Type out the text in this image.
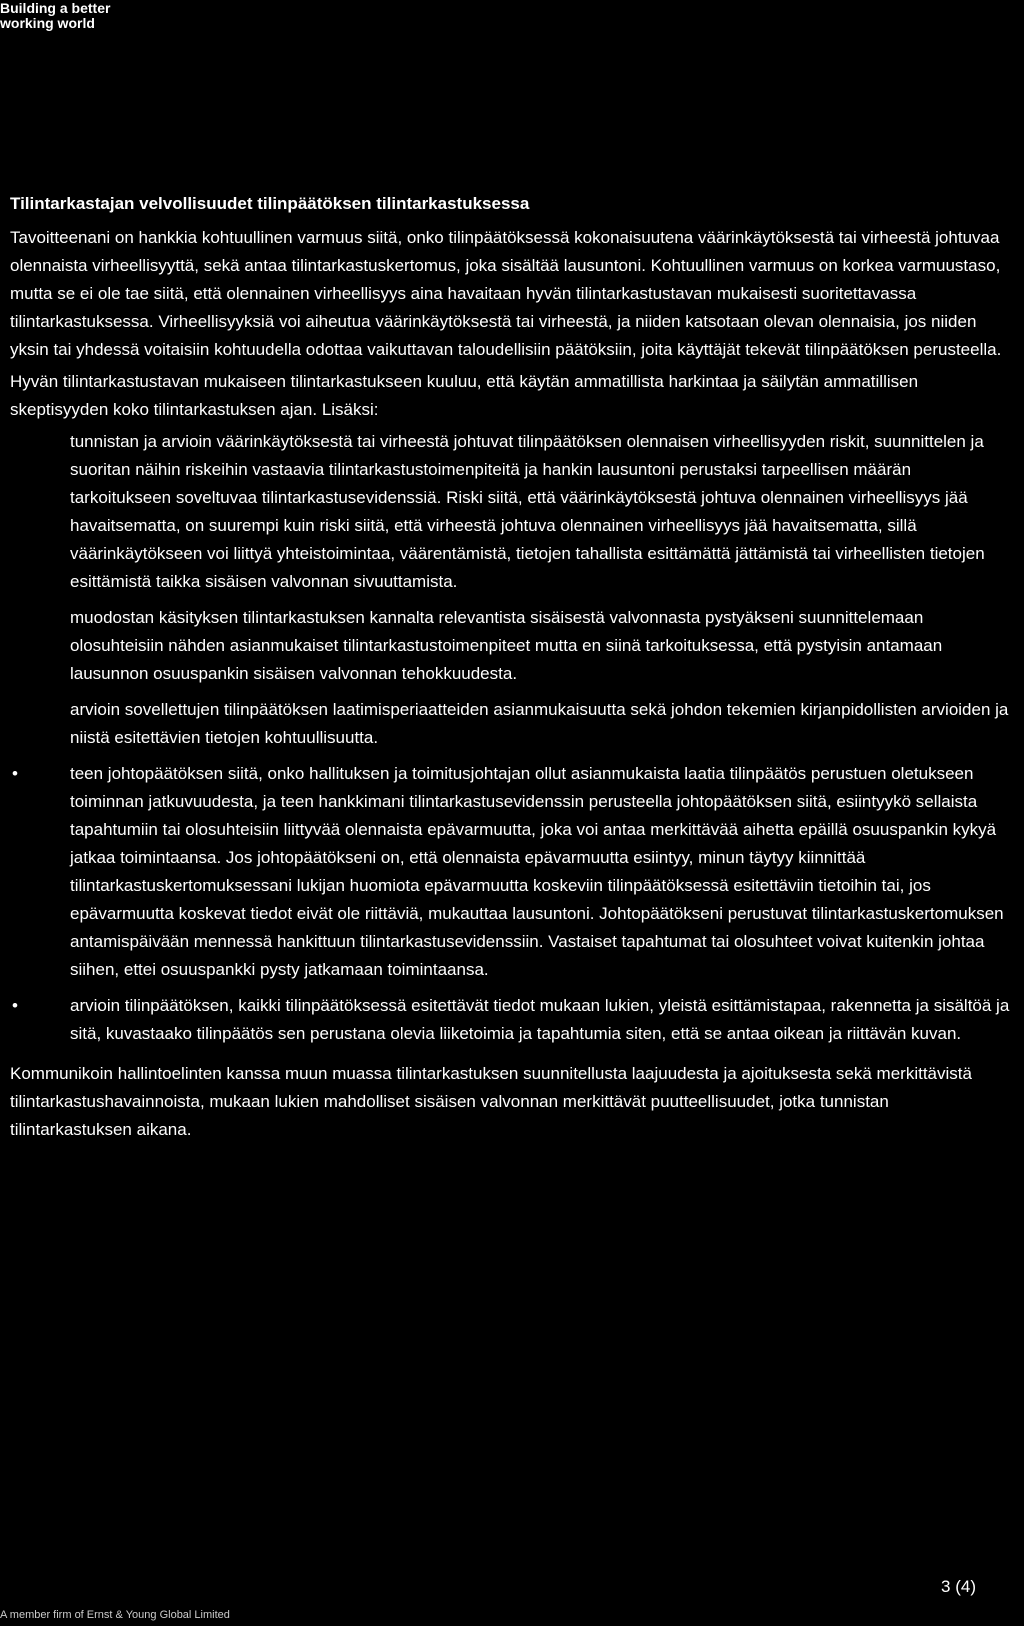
Building a better
working world
Tilintarkastajan velvollisuudet tilinpäätöksen tilintarkastuksessa

Tavoitteenani on hankkia kohtuullinen varmuus siitä, onko tilinpäätöksessä kokonaisuutena väärinkäytöksestä tai virheestä johtuvaa olennaista virheellisyyttä, sekä antaa tilintarkastuskertomus, joka sisältää lausuntoni. Kohtuullinen varmuus on korkea varmuustaso, mutta se ei ole tae siitä, että olennainen virheellisyys aina havaitaan hyvän tilintarkastustavan mukaisesti suoritettavassa tilintarkastuksessa. Virheellisyyksiä voi aiheutua väärinkäytöksestä tai virheestä, ja niiden katsotaan olevan olennaisia, jos niiden yksin tai yhdessä voitaisiin kohtuudella odottaa vaikuttavan taloudellisiin päätöksiin, joita käyttäjät tekevät tilinpäätöksen perusteella.

Hyvän tilintarkastustavan mukaiseen tilintarkastukseen kuuluu, että käytän ammatillista harkintaa ja säilytän ammatillisen skeptisyyden koko tilintarkastuksen ajan. Lisäksi:

tunnistan ja arvioin väärinkäytöksestä tai virheestä johtuvat tilinpäätöksen olennaisen virheellisyyden riskit, suunnittelen ja suoritan näihin riskeihin vastaavia tilintarkastustoimenpiteitä ja hankin lausuntoni perustaksi tarpeellisen määrän tarkoitukseen soveltuvaa tilintarkastusevidenssiä. Riski siitä, että väärinkäytöksestä johtuva olennainen virheellisyys jää havaitsematta, on suurempi kuin riski siitä, että virheestä johtuva olennainen virheellisyys jää havaitsematta, sillä väärinkäytökseen voi liittyä yhteistoimintaa, väärentämistä, tietojen tahallista esittämättä jättämistä tai virheellisten tietojen esittämistä taikka sisäisen valvonnan sivuuttamista.
muodostan käsityksen tilintarkastuksen kannalta relevantista sisäisestä valvonnasta pystyäkseni suunnittelemaan olosuhteisiin nähden asianmukaiset tilintarkastustoimenpiteet mutta en siinä tarkoituksessa, että pystyisin antamaan lausunnon osuuspankin sisäisen valvonnan tehokkuudesta.
arvioin sovellettujen tilinpäätöksen laatimisperiaatteiden asianmukaisuutta sekä johdon tekemien kirjanpidollisten arvioiden ja niistä esitettävien tietojen kohtuullisuutta.
•	teen johtopäätöksen siitä, onko hallituksen ja toimitusjohtajan ollut asianmukaista laatia tilinpäätös perustuen oletukseen toiminnan jatkuvuudesta, ja teen hankkimani tilintarkastusevidenssin perusteella johtopäätöksen siitä, esiintyykö sellaista tapahtumiin tai olosuhteisiin liittyvää olennaista epävarmuutta, joka voi antaa merkittävää aihetta epäillä osuuspankin kykyä jatkaa toimintaansa. Jos johtopäätökseni on, että olennaista epävarmuutta esiintyy, minun täytyy kiinnittää tilintarkastuskertomuksessani lukijan huomiota epävarmuutta koskeviin tilinpäätöksessä esitettäviin tietoihin tai, jos epävarmuutta koskevat tiedot eivät ole riittäviä, mukauttaa lausuntoni. Johtopäätökseni perustuvat tilintarkastuskertomuksen antamispäivään mennessä hankittuun tilintarkastusevidenssiin. Vastaiset tapahtumat tai olosuhteet voivat kuitenkin johtaa siihen, ettei osuuspankki pysty jatkamaan toimintaansa.
•	arvioin tilinpäätöksen, kaikki tilinpäätöksessä esitettävät tiedot mukaan lukien, yleistä esittämistapaa, rakennetta ja sisältöä ja sitä, kuvastaako tilinpäätös sen perustana olevia liiketoimia ja tapahtumia siten, että se antaa oikean ja riittävän kuvan.

Kommunikoin hallintoelinten kanssa muun muassa tilintarkastuksen suunnitellusta laajuudesta ja ajoituksesta sekä merkittävistä tilintarkastushavainnoista, mukaan lukien mahdolliset sisäisen valvonnan merkittävät puutteellisuudet, jotka tunnistan tilintarkastuksen aikana.

3 (4)
A member firm of Ernst & Young Global Limited
